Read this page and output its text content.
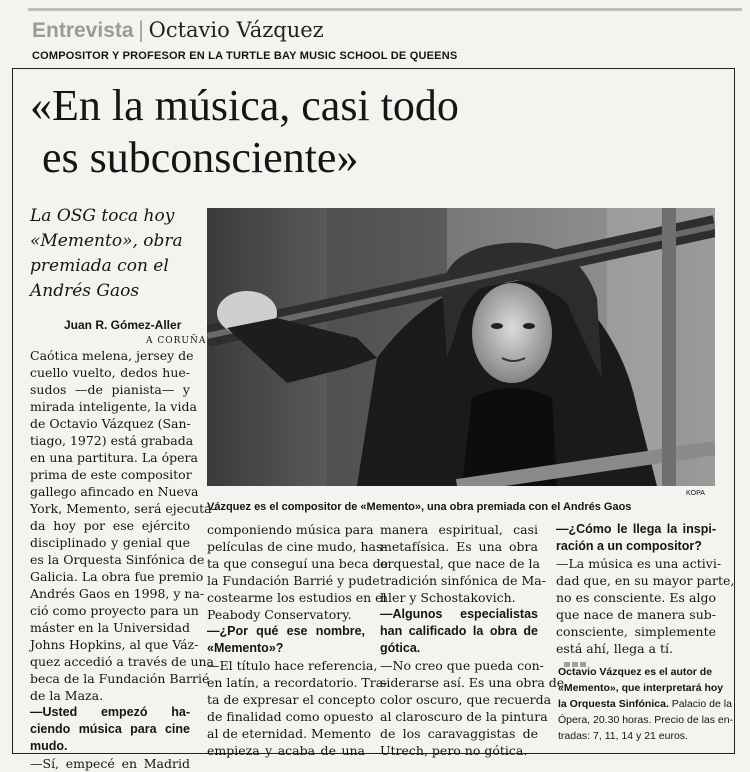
Entrevista | Octavio Vázquez
COMPOSITOR Y PROFESOR EN LA TURTLE BAY MUSIC SCHOOL DE QUEENS
«En la música, casi todo
es subconsciente»
La OSG toca hoy
«Memento», obra
premiada con el
Andrés Gaos
KOPA
Vázquez es el compositor de «Memento», una obra premiada con el Andrés Gaos
Juan R. Gómez-Aller
A CORUÑA

Caótica melena, jersey de

cuello vuelto, dedos hue-

sudos —de pianista— y

mirada inteligente, la vida

de Octavio Vázquez (San-

tiago, 1972) está grabada

en una partitura. La ópera

prima de este compositor

gallego afincado en Nueva

York, Memento, será ejecuta-

da hoy por ese ejército

disciplinado y genial que

es la Orquesta Sinfónica de

Galicia. La obra fue premio

Andrés Gaos en 1998, y na-

ció como proyecto para un

máster en la Universidad

Johns Hopkins, al que Váz-

quez accedió a través de una

beca de la Fundación Barrié

de la Maza.

—Usted empezó ha-

ciendo música para cine

mudo.

—Sí, empecé en Madrid

componiendo música para

películas de cine mudo, has-

ta que conseguí una beca de

la Fundación Barrié y pude

costearme los estudios en el

Peabody Conservatory.

—¿Por qué ese nombre,

«Memento»?

—El título hace referencia,

en latín, a recordatorio. Tra-

ta de expresar el concepto

de finalidad como opuesto

al de eternidad. Memento

empieza y acaba de una

manera espiritual, casi

metafísica. Es una obra

orquestal, que nace de la

tradición sinfónica de Ma-

hler y Schostakovich.

—Algunos especialistas

han calificado la obra de

gótica.

—No creo que pueda con-

siderarse así. Es una obra de

color oscuro, que recuerda

al claroscuro de la pintura

de los caravaggistas de

Utrech, pero no gótica.

—¿Cómo le llega la inspi-

ración a un compositor?

—La música es una activi-

dad que, en su mayor parte,

no es consciente. Es algo

que nace de manera sub-

consciente, simplemente

está ahí, llega a tí.

Octavio Vázquez es el autor de

«Memento», que interpretará hoy

la Orquesta Sinfónica. Palacio de la

Ópera, 20.30 horas. Precio de las en-

tradas: 7, 11, 14 y 21 euros.
